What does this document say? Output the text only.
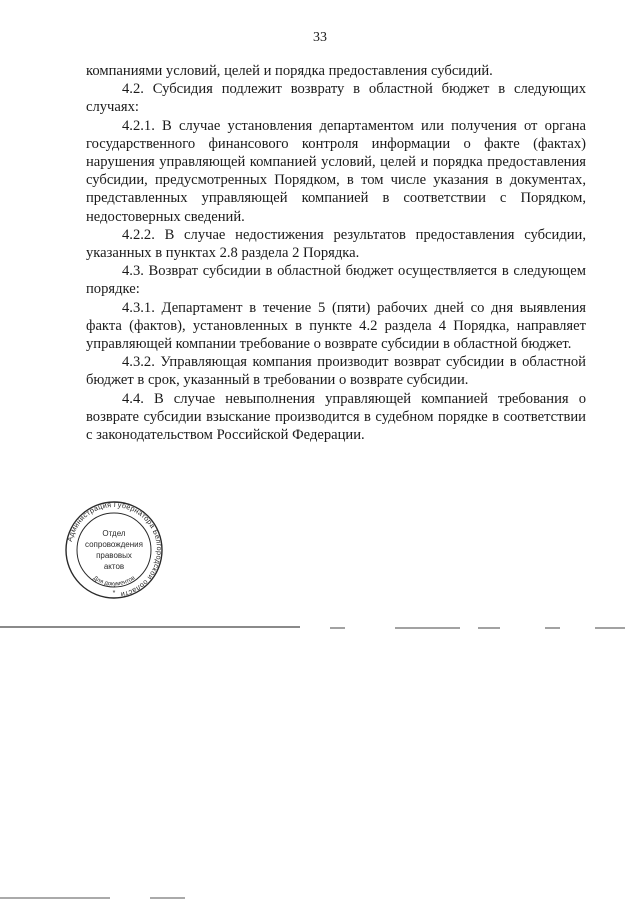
33

компаниями условий, целей и порядка предоставления субсидий.

4.2. Субсидия подлежит возврату в областной бюджет в следующих случаях:

4.2.1. В случае установления департаментом или получения от органа государственного финансового контроля информации о факте (фактах) нарушения управляющей компанией условий, целей и порядка предоставления субсидии, предусмотренных Порядком, в том числе указания в документах, представленных управляющей компанией в соответствии с Порядком, недостоверных сведений.

4.2.2. В случае недостижения результатов предоставления субсидии, указанных в пунктах 2.8 раздела 2 Порядка.

4.3. Возврат субсидии в областной бюджет осуществляется в следующем порядке:

4.3.1. Департамент в течение 5 (пяти) рабочих дней со дня выявления факта (фактов), установленных в пункте 4.2 раздела 4 Порядка, направляет управляющей компании требование о возврате субсидии в областной бюджет.

4.3.2. Управляющая компания производит возврат субсидии в областной бюджет в срок, указанный в требовании о возврате субсидии.

4.4. В случае невыполнения управляющей компанией требования о возврате субсидии взыскание производится в судебном порядке в соответствии с законодательством Российской Федерации.

Администрация Губернатора Белгородской области
Отдел
сопровождения
правовых
актов
Для документов
*
